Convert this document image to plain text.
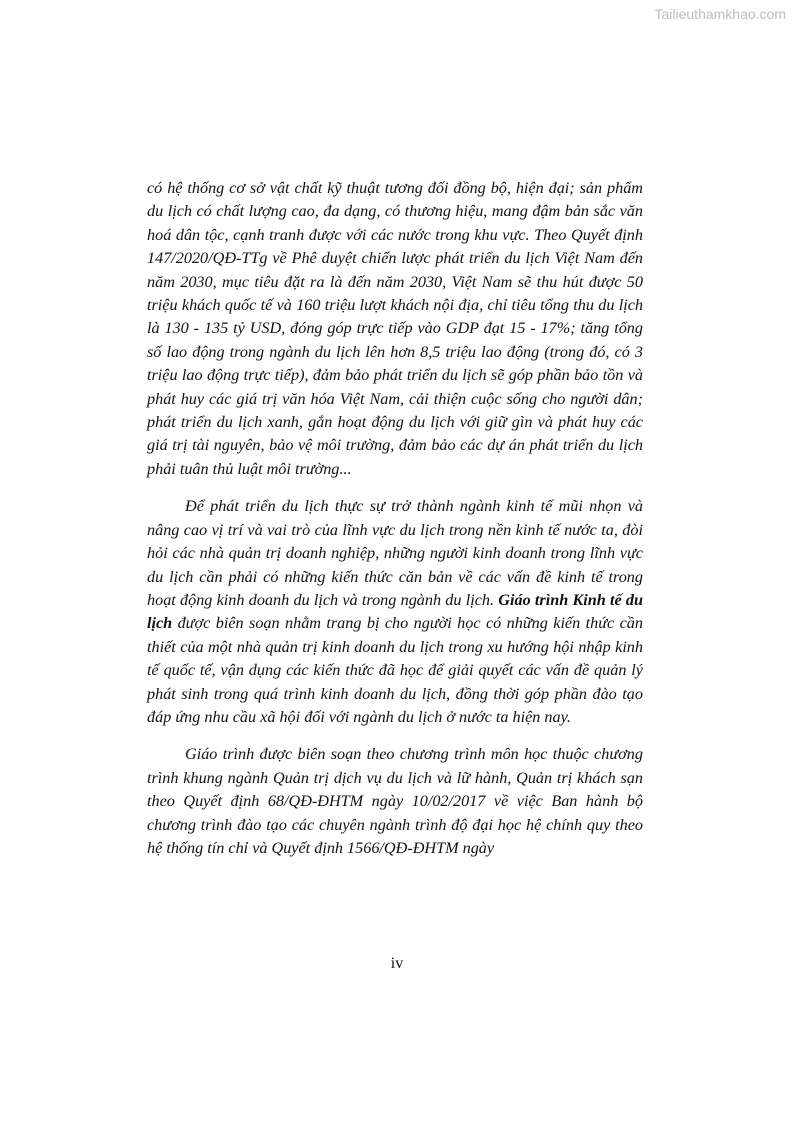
Tailieuthamkhao.com

có hệ thống cơ sở vật chất kỹ thuật tương đối đồng bộ, hiện đại; sản phẩm du lịch có chất lượng cao, đa dạng, có thương hiệu, mang đậm bản sắc văn hoá dân tộc, cạnh tranh được với các nước trong khu vực. Theo Quyết định 147/2020/QĐ-TTg về Phê duyệt chiến lược phát triển du lịch Việt Nam đến năm 2030, mục tiêu đặt ra là đến năm 2030, Việt Nam sẽ thu hút được 50 triệu khách quốc tế và 160 triệu lượt khách nội địa, chỉ tiêu tổng thu du lịch là 130 - 135 tỷ USD, đóng góp trực tiếp vào GDP đạt 15 - 17%; tăng tổng số lao động trong ngành du lịch lên hơn 8,5 triệu lao động (trong đó, có 3 triệu lao động trực tiếp), đảm bảo phát triển du lịch sẽ góp phần bảo tồn và phát huy các giá trị văn hóa Việt Nam, cải thiện cuộc sống cho người dân; phát triển du lịch xanh, gắn hoạt động du lịch với giữ gìn và phát huy các giá trị tài nguyên, bảo vệ môi trường, đảm bảo các dự án phát triển du lịch phải tuân thủ luật môi trường...

Để phát triển du lịch thực sự trở thành ngành kinh tế mũi nhọn và nâng cao vị trí và vai trò của lĩnh vực du lịch trong nền kinh tế nước ta, đòi hỏi các nhà quản trị doanh nghiệp, những người kinh doanh trong lĩnh vực du lịch cần phải có những kiến thức căn bản về các vấn đề kinh tế trong hoạt động kinh doanh du lịch và trong ngành du lịch. Giáo trình Kinh tế du lịch được biên soạn nhằm trang bị cho người học có những kiến thức cần thiết của một nhà quản trị kinh doanh du lịch trong xu hướng hội nhập kinh tế quốc tế, vận dụng các kiến thức đã học để giải quyết các vấn đề quản lý phát sinh trong quá trình kinh doanh du lịch, đồng thời góp phần đào tạo đáp ứng nhu cầu xã hội đối với ngành du lịch ở nước ta hiện nay.

Giáo trình được biên soạn theo chương trình môn học thuộc chương trình khung ngành Quản trị dịch vụ du lịch và lữ hành, Quản trị khách sạn theo Quyết định 68/QĐ-ĐHTM ngày 10/02/2017 về việc Ban hành bộ chương trình đào tạo các chuyên ngành trình độ đại học hệ chính quy theo hệ thống tín chỉ và Quyết định 1566/QĐ-ĐHTM ngày

iv
